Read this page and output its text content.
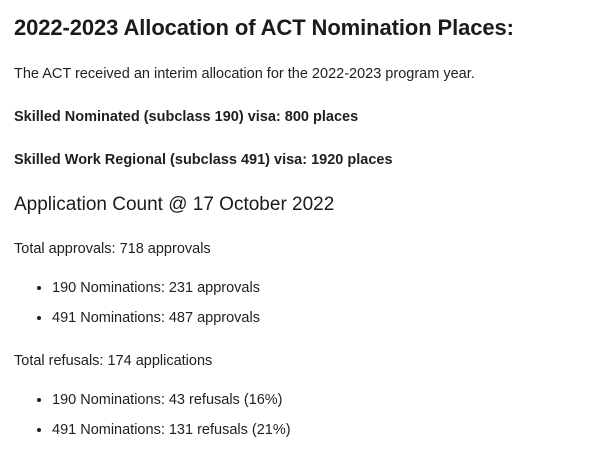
2022-2023 Allocation of ACT Nomination Places:

The ACT received an interim allocation for the 2022-2023 program year.

Skilled Nominated (subclass 190) visa: 800 places

Skilled Work Regional (subclass 491) visa: 1920 places

Application Count @ 17 October 2022

Total approvals: 718 approvals

• 190 Nominations: 231 approvals
• 491 Nominations: 487 approvals

Total refusals: 174 applications

• 190 Nominations: 43 refusals (16%)
• 491 Nominations: 131 refusals (21%)
